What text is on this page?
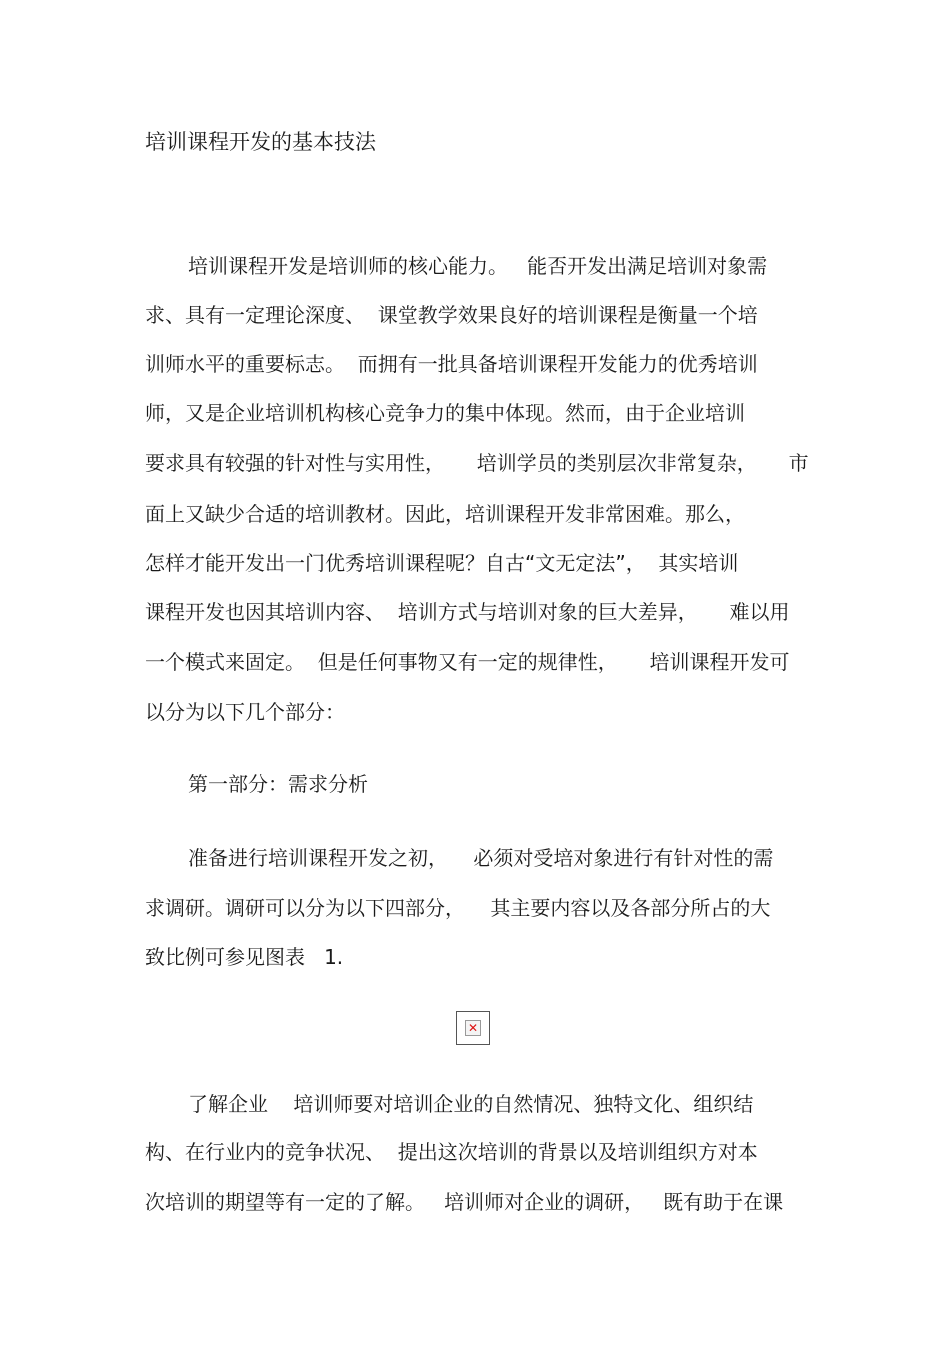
培训课程开发的基本技法
培训课程开发是培训师的核心能力。   能否开发出满足培训对象需
求、具有一定理论深度、  课堂教学效果良好的培训课程是衡量一个培
训师水平的重要标志。  而拥有一批具备培训课程开发能力的优秀培训
师，又是企业培训机构核心竞争力的集中体现。然而，由于企业培训
要求具有较强的针对性与实用性，     培训学员的类别层次非常复杂，     市
面上又缺少合适的培训教材。因此，培训课程开发非常困难。那么，
怎样才能开发出一门优秀培训课程呢？自古“文无定法”，  其实培训
课程开发也因其培训内容、  培训方式与培训对象的巨大差异，     难以用
一个模式来固定。  但是任何事物又有一定的规律性，     培训课程开发可
以分为以下几个部分：
第一部分：需求分析
准备进行培训课程开发之初，    必须对受培对象进行有针对性的需
求调研。调研可以分为以下四部分，    其主要内容以及各部分所占的大
致比例可参见图表   1.
✕
了解企业    培训师要对培训企业的自然情况、独特文化、组织结
构、在行业内的竞争状况、  提出这次培训的背景以及培训组织方对本
次培训的期望等有一定的了解。   培训师对企业的调研，   既有助于在课
